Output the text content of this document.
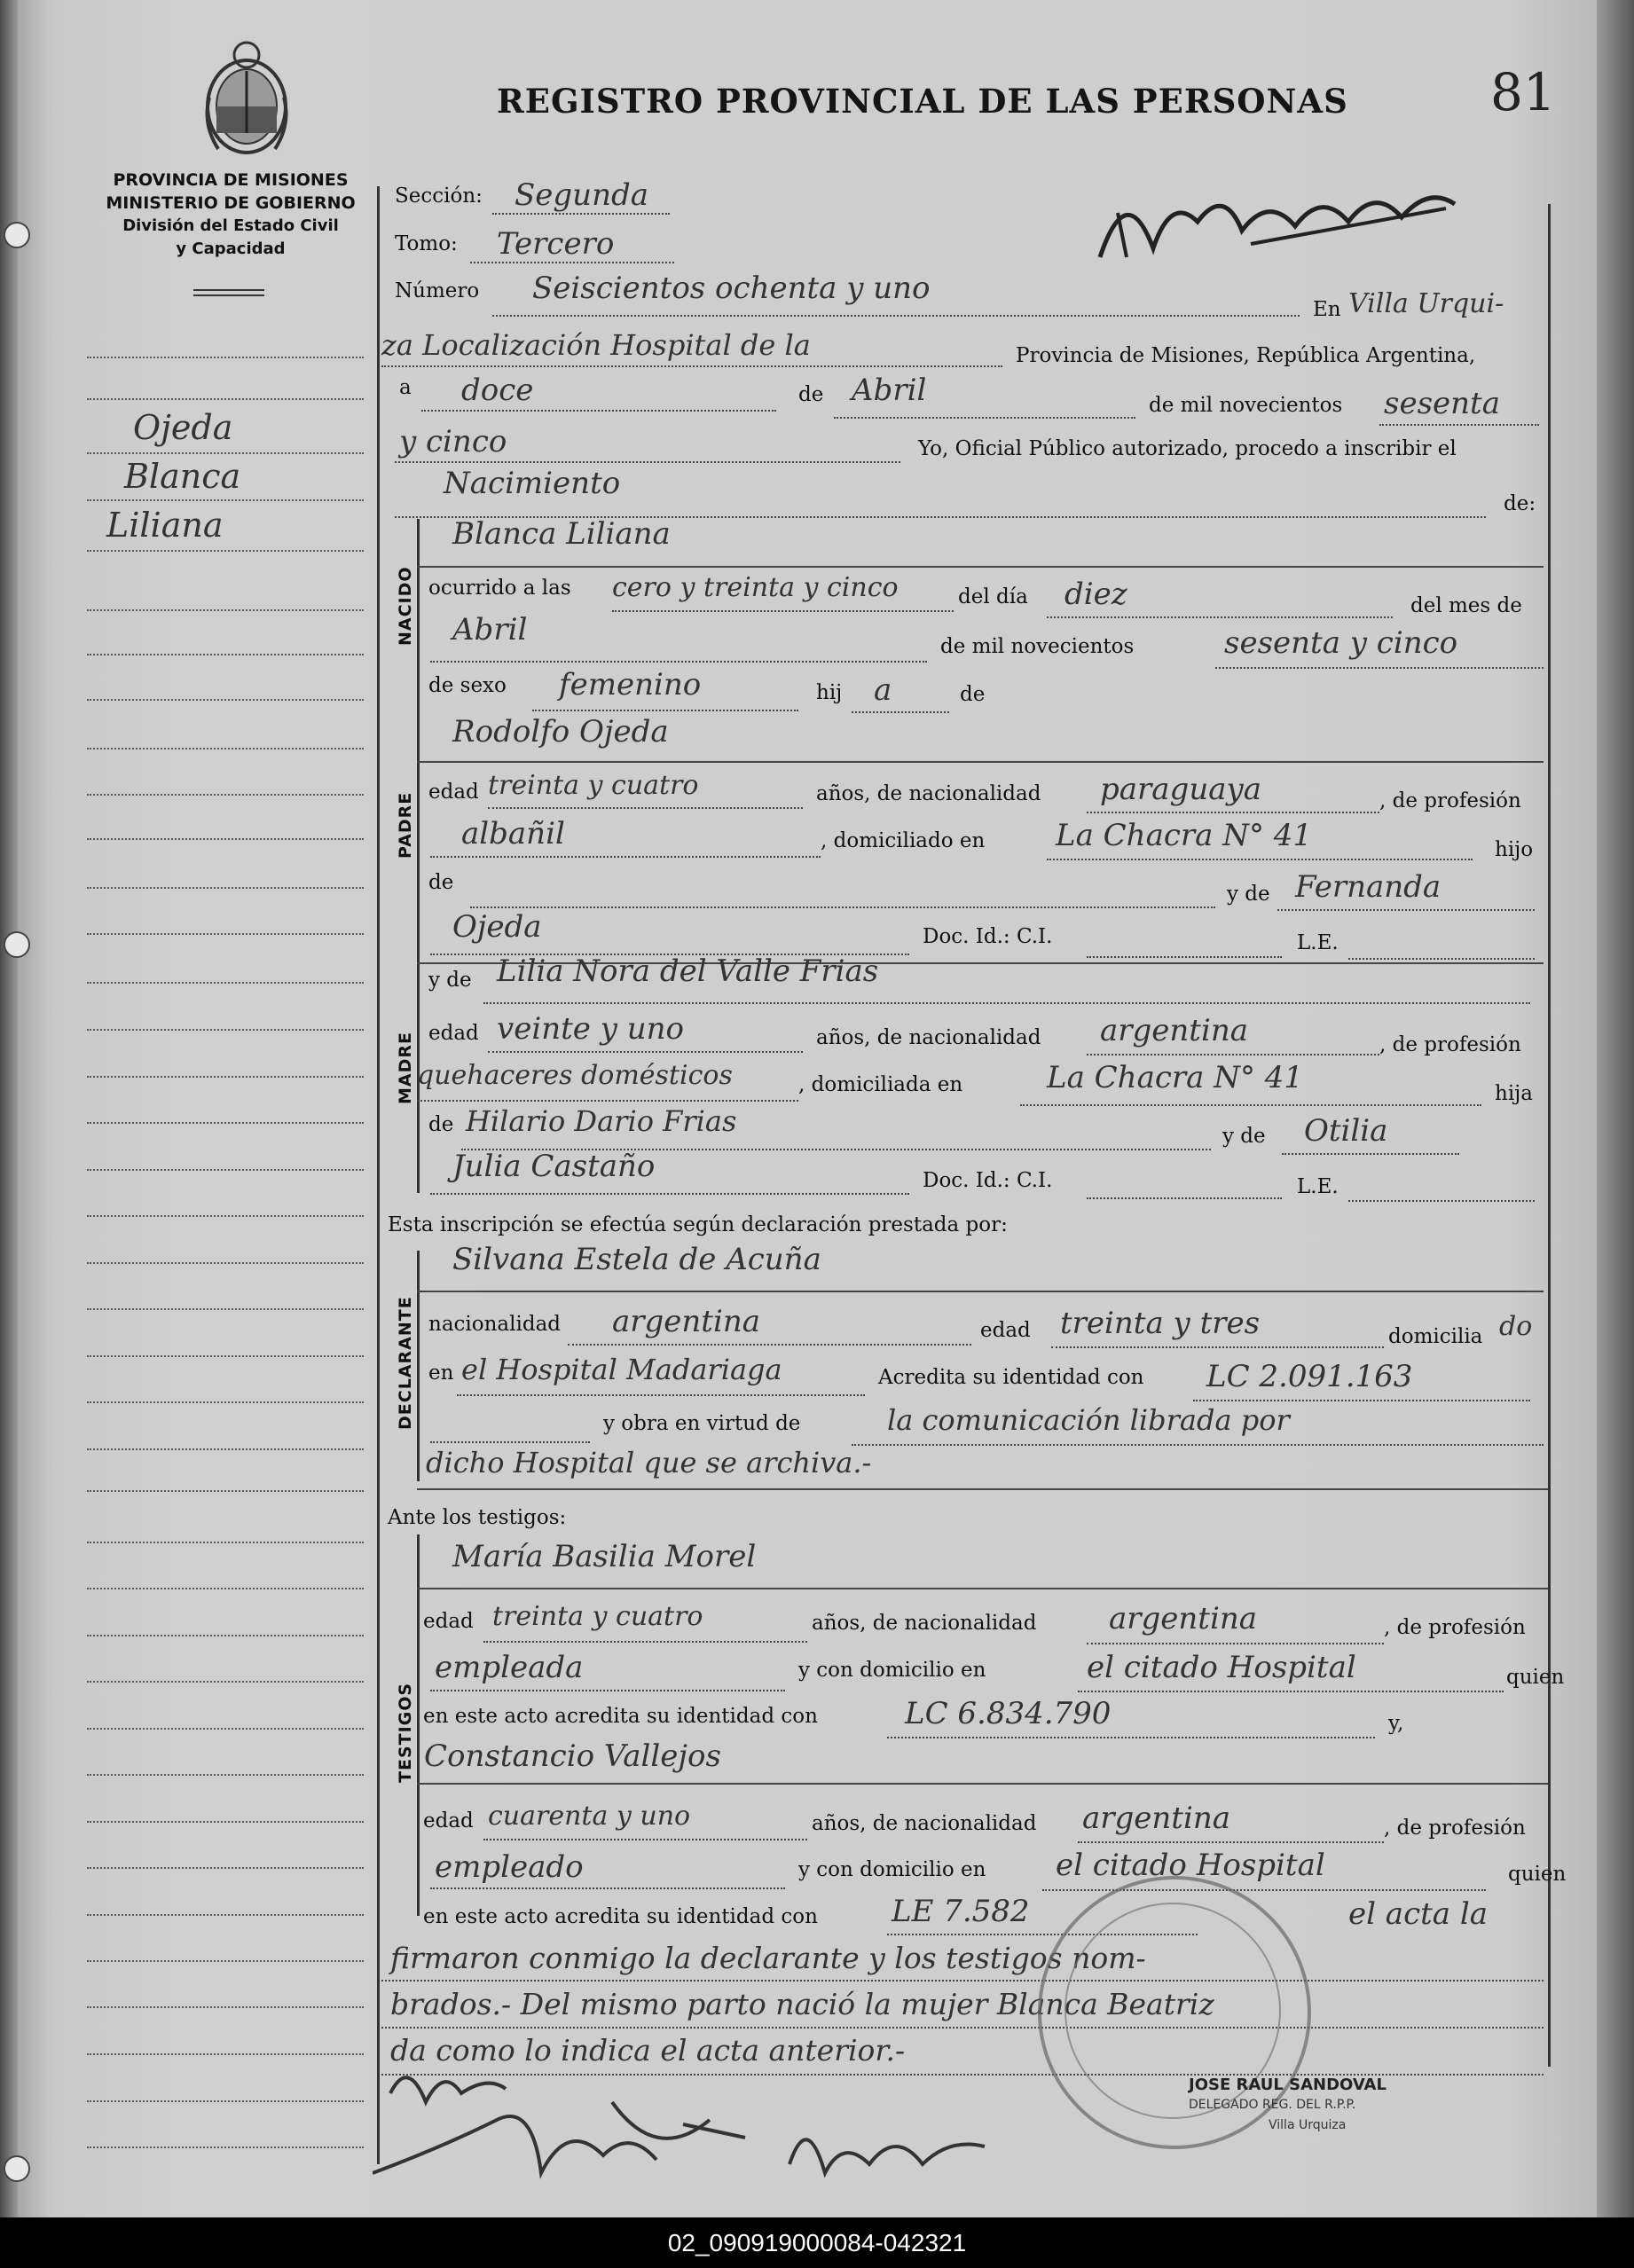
PROVINCIA DE MISIONES
MINISTERIO DE GOBIERNO
División del Estado Civil
y Capacidad
REGISTRO PROVINCIAL DE LAS PERSONAS	81
Ojeda
Blanca
Liliana
NACIDO
PADRE
MADRE
DECLARANTE
TESTIGOS
Sección: Segunda
Tomo: Tercero
Número Seiscientos ochenta y uno
En Villa Urqui-
za Localización Hospital de la	Provincia de Misiones, República Argentina,
a doce	de Abril	de mil novecientos sesenta
y cinco	Yo, Oficial Público autorizado, procedo a inscribir el
Nacimiento
de:
Blanca Liliana
ocurrido a las cero y treinta y cinco	del día diez	del mes de
Abril	de mil novecientos	sesenta y cinco
de sexo femenino	hij a	de
Rodolfo Ojeda
edad treinta y cuatro	años, de nacionalidad paraguaya	, de profesión
albañil	, domiciliado en La Chacra N° 41	hijo
de	y de Fernanda
Ojeda	Doc. Id.: C.I.	L.E.
y de Lilia Nora del Valle Frias
edad veinte y uno	años, de nacionalidad argentina	, de profesión
quehaceres domésticos	, domiciliada en	La Chacra N° 41	hija
de Hilario Dario Frias	y de Otilia
Julia Castaño	Doc. Id.: C.I.	L.E.
Esta inscripción se efectúa según declaración prestada por:
Silvana Estela de Acuña
nacionalidad argentina	edad treinta y tres	domicilia do
en el Hospital Madariaga	Acredita su identidad con LC 2.091.163
y obra en virtud de	la comunicación librada por
dicho Hospital que se archiva.-
Ante los testigos:
María Basilia Morel
edad treinta y cuatro	años, de nacionalidad argentina	, de profesión
empleada	y con domicilio en	el citado Hospital	quien
en este acto acredita su identidad con	LC 6.834.790	y,
Constancio Vallejos
edad cuarenta y uno	años, de nacionalidad argentina	, de profesión
empleado	y con domicilio en el citado Hospital	quien
en este acto acredita su identidad con LE 7.582	el acta la
firmaron conmigo la declarante y los testigos nom-
brados.- Del mismo parto nació la mujer Blanca Beatriz
da como lo indica el acta anterior.-
JOSE RAUL SANDOVAL
DELEGADO REG. DEL R.P.P.
Villa Urquiza
02_090919000084-042321
